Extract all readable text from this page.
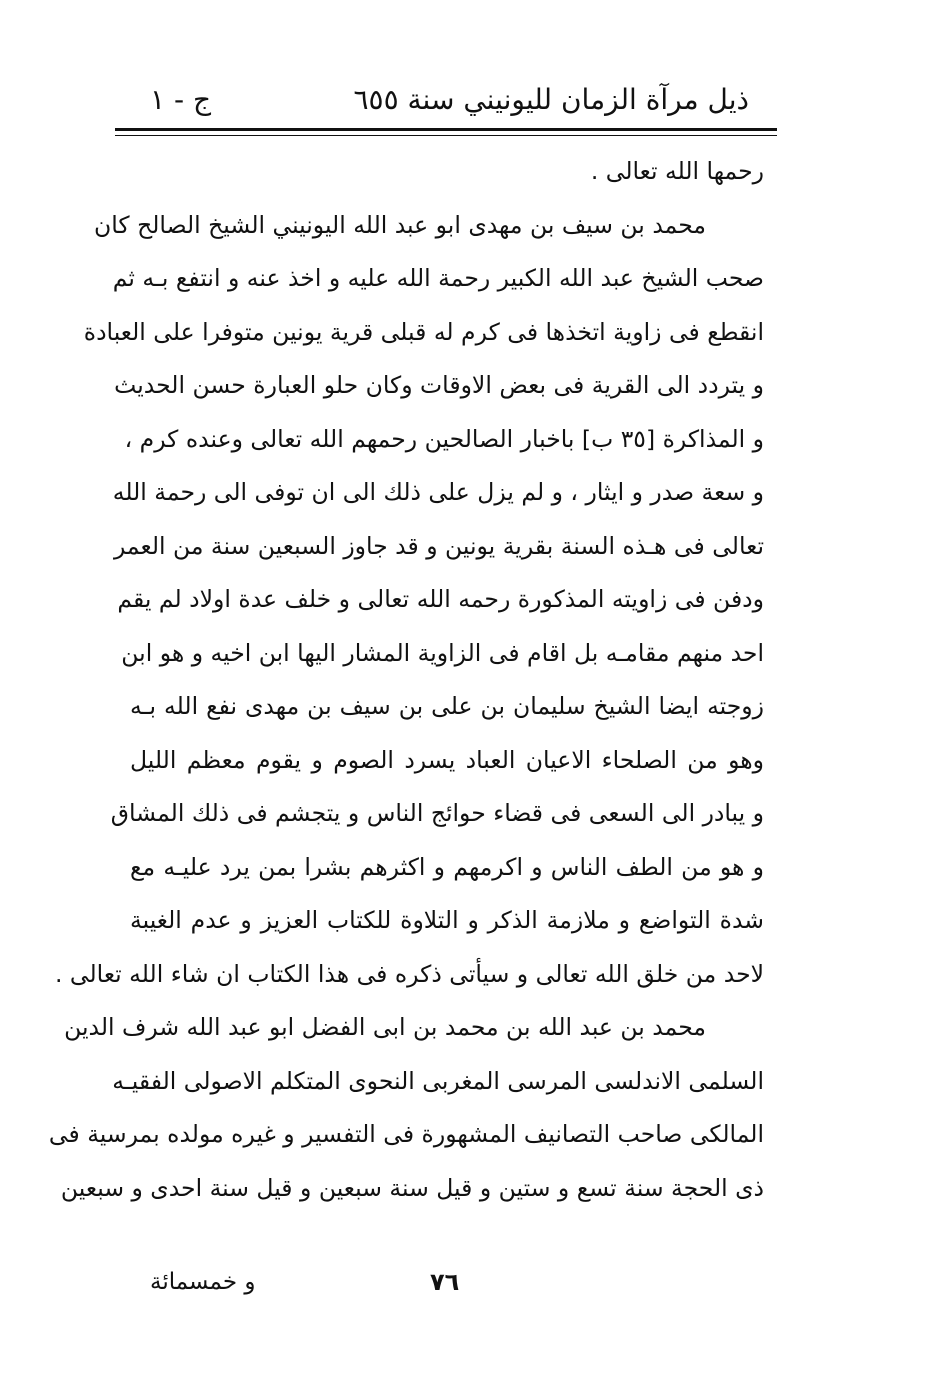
ذيل مرآة الزمان لليونيني سنة ٦٥٥
ج - ١
رحمها الله تعالى .
محمد بن سيف بن مهدى ابو عبد الله اليونيني الشيخ الصالح كان
صحب الشيخ عبد الله الكبير رحمة الله عليه و اخذ عنه و انتفع بـه ثم
انقطع فى زاوية اتخذها فى كرم له قبلى قرية يونين متوفرا على العبادة
و يتردد الى القرية فى بعض الاوقات وكان حلو العبارة حسن الحديث
و المذاكرة [٣٥ ب] باخبار الصالحين رحمهم الله تعالى وعنده كرم ،
و سعة صدر و ايثار ، و لم يزل على ذلك الى ان توفى الى رحمة الله
تعالى فى هـذه السنة بقرية يونين و قد جاوز السبعين سنة من العمر
ودفن فى زاويته المذكورة رحمه الله تعالى و خلف عدة اولاد لم يقم
احد منهم مقامـه بل اقام فى الزاوية المشار اليها ابن اخيه و هو ابن
زوجته ايضا الشيخ سليمان بن على بن سيف بن مهدى نفع الله بـه
وهو من الصلحاء الاعيان العباد يسرد الصوم و يقوم معظم الليل
و يبادر الى السعى فى قضاء حوائج الناس و يتجشم فى ذلك المشاق
و هو من الطف الناس و اكرمهم و اكثرهم بشرا بمن يرد عليـه مع
شدة التواضع و ملازمة الذكر و التلاوة للكتاب العزيز و عدم الغيبة
لاحد من خلق الله تعالى و سيأتى ذكره فى هذا الكتاب ان شاء الله تعالى .
محمد بن عبد الله بن محمد بن ابى الفضل ابو عبد الله شرف الدين
السلمى الاندلسى المرسى المغربى النحوى المتكلم الاصولى الفقيـه
المالكى صاحب التصانيف المشهورة فى التفسير و غيره مولده بمرسية فى
ذى الحجة سنة تسع و ستين و قيل سنة سبعين و قيل سنة احدى و سبعين
و خمسمائة	٧٦
